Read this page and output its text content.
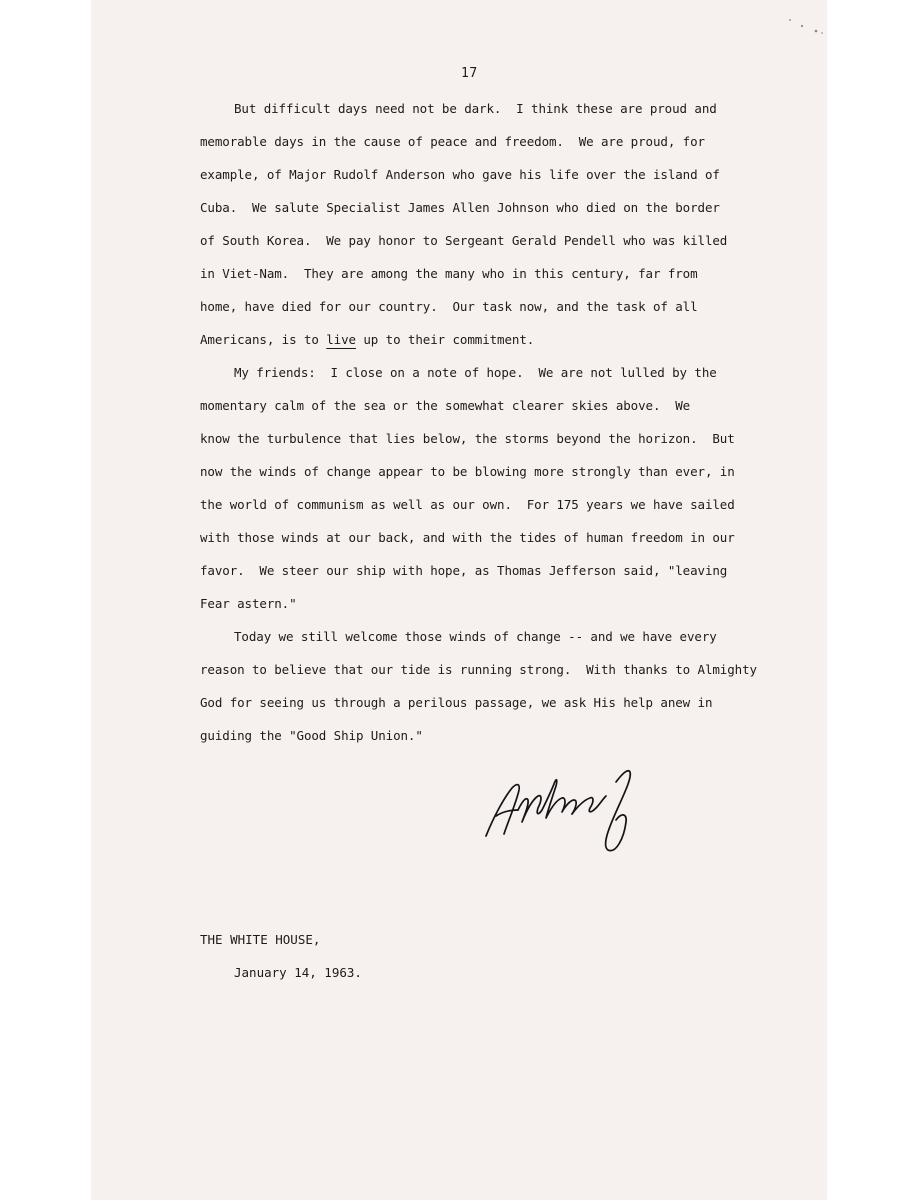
17
But difficult days need not be dark.  I think these are proud and
memorable days in the cause of peace and freedom.  We are proud, for
example, of Major Rudolf Anderson who gave his life over the island of
Cuba.  We salute Specialist James Allen Johnson who died on the border
of South Korea.  We pay honor to Sergeant Gerald Pendell who was killed
in Viet-Nam.  They are among the many who in this century, far from
home, have died for our country.  Our task now, and the task of all
Americans, is to live up to their commitment.
My friends:  I close on a note of hope.  We are not lulled by the
momentary calm of the sea or the somewhat clearer skies above.  We
know the turbulence that lies below, the storms beyond the horizon.  But
now the winds of change appear to be blowing more strongly than ever, in
the world of communism as well as our own.  For 175 years we have sailed
with those winds at our back, and with the tides of human freedom in our
favor.  We steer our ship with hope, as Thomas Jefferson said, "leaving
Fear astern."
Today we still welcome those winds of change -- and we have every
reason to believe that our tide is running strong.  With thanks to Almighty
God for seeing us through a perilous passage, we ask His help anew in
guiding the "Good Ship Union."
THE WHITE HOUSE,
January 14, 1963.
